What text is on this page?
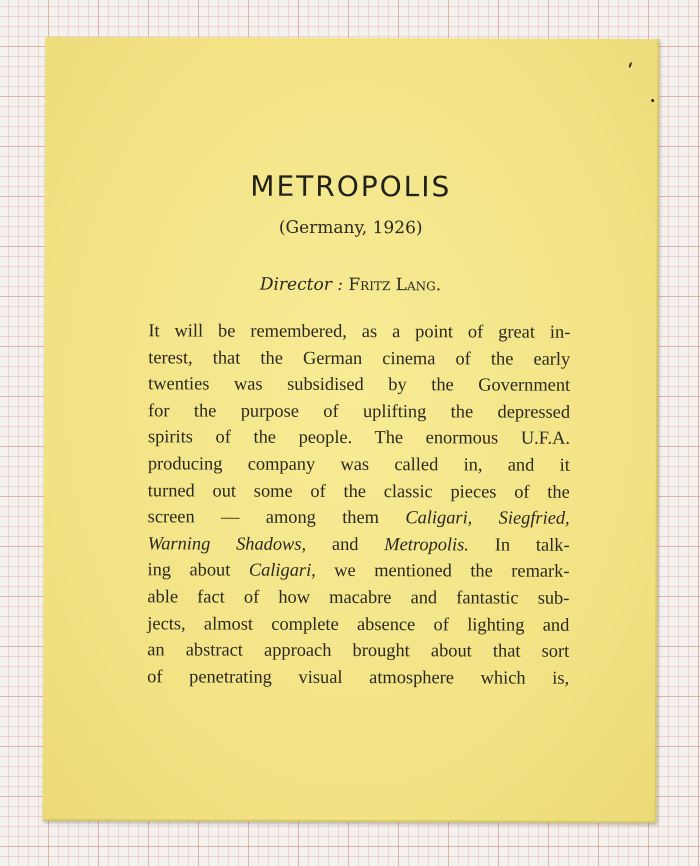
METROPOLIS
(Germany, 1926)
Director : Fritz Lang.
It will be remembered, as a point of great in-
terest, that the German cinema of the early
twenties was subsidised by the Government
for the purpose of uplifting the depressed
spirits of the people. The enormous U.F.A.
producing company was called in, and it
turned out some of the classic pieces of the
screen — among them Caligari, Siegfried,
Warning Shadows, and Metropolis. In talk-
ing about Caligari, we mentioned the remark-
able fact of how macabre and fantastic sub-
jects, almost complete absence of lighting and
an abstract approach brought about that sort
of penetrating visual atmosphere which is,
